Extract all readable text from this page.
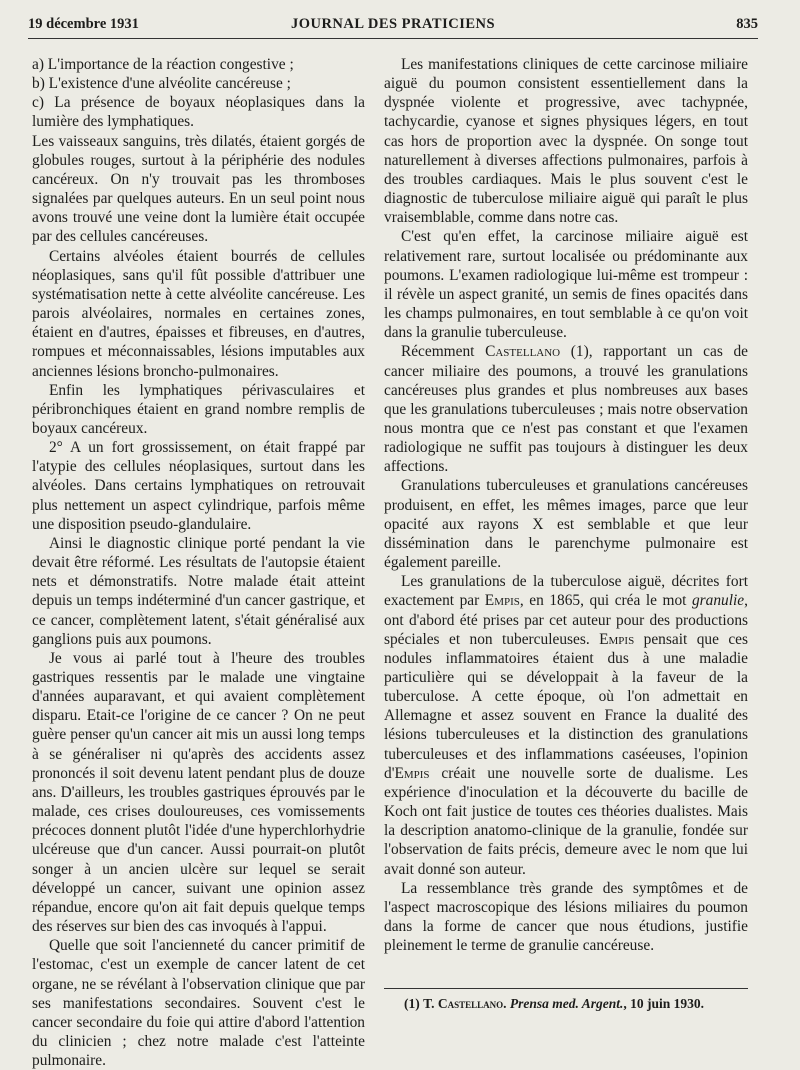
19 décembre 1931	JOURNAL DES PRATICIENS	835

a) L'importance de la réaction congestive ;

b) L'existence d'une alvéolite cancéreuse ;

c) La présence de boyaux néoplasiques dans la lumière des lymphatiques.

Les vaisseaux sanguins, très dilatés, étaient gorgés de globules rouges, surtout à la périphérie des nodules cancéreux. On n'y trouvait pas les thromboses signalées par quelques auteurs. En un seul point nous avons trouvé une veine dont la lumière était occupée par des cellules cancéreuses.

Certains alvéoles étaient bourrés de cellules néoplasiques, sans qu'il fût possible d'attribuer une systématisation nette à cette alvéolite cancéreuse. Les parois alvéolaires, normales en certaines zones, étaient en d'autres, épaisses et fibreuses, en d'autres, rompues et méconnaissables, lésions imputables aux anciennes lésions broncho-pulmonaires.

Enfin les lymphatiques périvasculaires et péribronchiques étaient en grand nombre remplis de boyaux cancéreux.

2° A un fort grossissement, on était frappé par l'atypie des cellules néoplasiques, surtout dans les alvéoles. Dans certains lymphatiques on retrouvait plus nettement un aspect cylindrique, parfois même une disposition pseudo-glandulaire.

Ainsi le diagnostic clinique porté pendant la vie devait être réformé. Les résultats de l'autopsie étaient nets et démonstratifs. Notre malade était atteint depuis un temps indéterminé d'un cancer gastrique, et ce cancer, complètement latent, s'était généralisé aux ganglions puis aux poumons.

Je vous ai parlé tout à l'heure des troubles gastriques ressentis par le malade une vingtaine d'années auparavant, et qui avaient complètement disparu. Etait-ce l'origine de ce cancer ? On ne peut guère penser qu'un cancer ait mis un aussi long temps à se généraliser ni qu'après des accidents assez prononcés il soit devenu latent pendant plus de douze ans. D'ailleurs, les troubles gastriques éprouvés par le malade, ces crises douloureuses, ces vomissements précoces donnent plutôt l'idée d'une hyperchlorhydrie ulcéreuse que d'un cancer. Aussi pourrait-on plutôt songer à un ancien ulcère sur lequel se serait développé un cancer, suivant une opinion assez répandue, encore qu'on ait fait depuis quelque temps des réserves sur bien des cas invoqués à l'appui.

Quelle que soit l'ancienneté du cancer primitif de l'estomac, c'est un exemple de cancer latent de cet organe, ne se révélant à l'observation clinique que par ses manifestations secondaires. Souvent c'est le cancer secondaire du foie qui attire d'abord l'attention du clinicien ; chez notre malade c'est l'atteinte pulmonaire.

Les manifestations cliniques de cette carcinose miliaire aiguë du poumon consistent essentiellement dans la dyspnée violente et progressive, avec tachypnée, tachycardie, cyanose et signes physiques légers, en tout cas hors de proportion avec la dyspnée. On songe tout naturellement à diverses affections pulmonaires, parfois à des troubles cardiaques. Mais le plus souvent c'est le diagnostic de tuberculose miliaire aiguë qui paraît le plus vraisemblable, comme dans notre cas.

C'est qu'en effet, la carcinose miliaire aiguë est relativement rare, surtout localisée ou prédominante aux poumons. L'examen radiologique lui-même est trompeur : il révèle un aspect granité, un semis de fines opacités dans les champs pulmonaires, en tout semblable à ce qu'on voit dans la granulie tuberculeuse.

Récemment Castellano (1), rapportant un cas de cancer miliaire des poumons, a trouvé les granulations cancéreuses plus grandes et plus nombreuses aux bases que les granulations tuberculeuses ; mais notre observation nous montra que ce n'est pas constant et que l'examen radiologique ne suffit pas toujours à distinguer les deux affections.

Granulations tuberculeuses et granulations cancéreuses produisent, en effet, les mêmes images, parce que leur opacité aux rayons X est semblable et que leur dissémination dans le parenchyme pulmonaire est également pareille.

Les granulations de la tuberculose aiguë, décrites fort exactement par Empis, en 1865, qui créa le mot granulie, ont d'abord été prises par cet auteur pour des productions spéciales et non tuberculeuses. Empis pensait que ces nodules inflammatoires étaient dus à une maladie particulière qui se développait à la faveur de la tuberculose. A cette époque, où l'on admettait en Allemagne et assez souvent en France la dualité des lésions tuberculeuses et la distinction des granulations tuberculeuses et des inflammations caséeuses, l'opinion d'Empis créait une nouvelle sorte de dualisme. Les expérience d'inoculation et la découverte du bacille de Koch ont fait justice de toutes ces théories dualistes. Mais la description anatomo-clinique de la granulie, fondée sur l'observation de faits précis, demeure avec le nom que lui avait donné son auteur.

La ressemblance très grande des symptômes et de l'aspect macroscopique des lésions miliaires du poumon dans la forme de cancer que nous étudions, justifie pleinement le terme de granulie cancéreuse.

(1) T. Castellano. Prensa med. Argent., 10 juin 1930.
